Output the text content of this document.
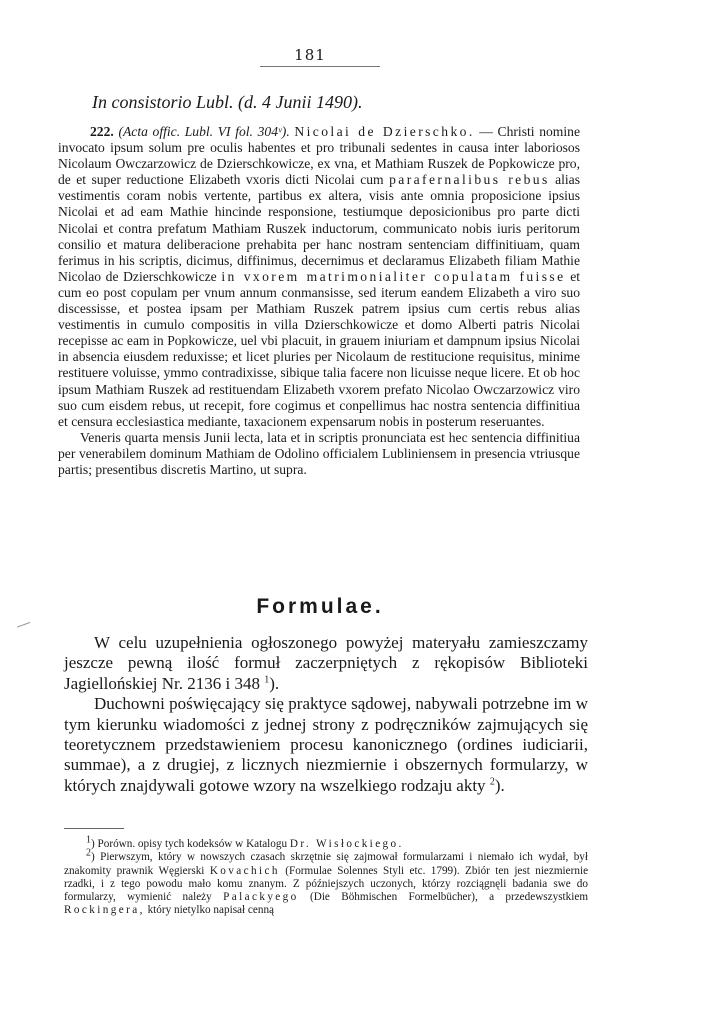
181
In consistorio Lubl. (d. 4 Junii 1490).

222. (Acta offic. Lubl. VI fol. 304ᵛ). Nicolai de Dzierschko. — Christi nomine invocato ipsum solum pre oculis habentes et pro tribunali sedentes in causa inter laboriosos Nicolaum Owczarzowicz de Dzierschkowicze, ex vna, et Mathiam Ruszek de Popkowicze pro, de et super reductione Elizabeth vxoris dicti Nicolai cum parafernalibus rebus alias vestimentis coram nobis vertente, partibus ex altera, visis ante omnia proposicione ipsius Nicolai et ad eam Mathie hincinde responsione, testiumque deposicionibus pro parte dicti Nicolai et contra prefatum Mathiam Ruszek inductorum, communicato nobis iuris peritorum consilio et matura deliberacione prehabita per hanc nostram sentenciam diffinitiuam, quam ferimus in his scriptis, dicimus, diffinimus, decernimus et declaramus Elizabeth filiam Mathie Nicolao de Dzierschkowicze in vxorem matrimonialiter copulatam fuisse et cum eo post copulam per vnum annum conmansisse, sed iterum eandem Elizabeth a viro suo discessisse, et postea ipsam per Mathiam Ruszek patrem ipsius cum certis rebus alias vestimentis in cumulo compositis in villa Dzierschkowicze et domo Alberti patris Nicolai recepisse ac eam in Popkowicze, uel vbi placuit, in grauem iniuriam et dampnum ipsius Nicolai in absencia eiusdem reduxisse; et licet pluries per Nicolaum de restitucione requisitus, minime restituere voluisse, ymmo contradixisse, sibique talia facere non licuisse neque licere. Et ob hoc ipsum Mathiam Ruszek ad restituendam Elizabeth vxorem prefato Nicolao Owczarzowicz viro suo cum eisdem rebus, ut recepit, fore cogimus et conpellimus hac nostra sentencia diffinitiua et censura ecclesiastica mediante, taxacionem expensarum nobis in posterum reseruantes.

Veneris quarta mensis Junii lecta, lata et in scriptis pronunciata est hec sentencia diffinitiua per venerabilem dominum Mathiam de Odolino officialem Lubliniensem in presencia vtriusque partis; presentibus discretis Martino, ut supra.

Formulae.

W celu uzupełnienia ogłoszonego powyżej materyału zamieszczamy jeszcze pewną ilość formuł zaczerpniętych z rękopisów Biblioteki Jagiellońskiej Nr. 2136 i 348 $^1$).

Duchowni poświęcający się praktyce sądowej, nabywali potrzebne im w tym kierunku wiadomości z jednej strony z podręczników zajmujących się teoretycznem przedstawieniem procesu kanonicznego (ordines iudiciarii, summae), a z drugiej, z licznych niezmiernie i obszernych formularzy, w których znajdywali gotowe wzory na wszelkiego rodzaju akty $^2$).

$^1$) Porówn. opisy tych kodeksów w Katalogu Dr. Wisłockiego.

$^2$) Pierwszym, który w nowszych czasach skrzętnie się zajmował formularzami i niemało ich wydał, był znakomity prawnik Węgierski Kovachich (Formulae Solennes Styli etc. 1799). Zbiór ten jest niezmiernie rzadki, i z tego powodu mało komu znanym. Z późniejszych uczonych, którzy rozciągnęli badania swe do formularzy, wymienić należy Palackyego (Die Böhmischen Formelbücher), a przedewszystkiem Rockingera, który nietylko napisał cenną
